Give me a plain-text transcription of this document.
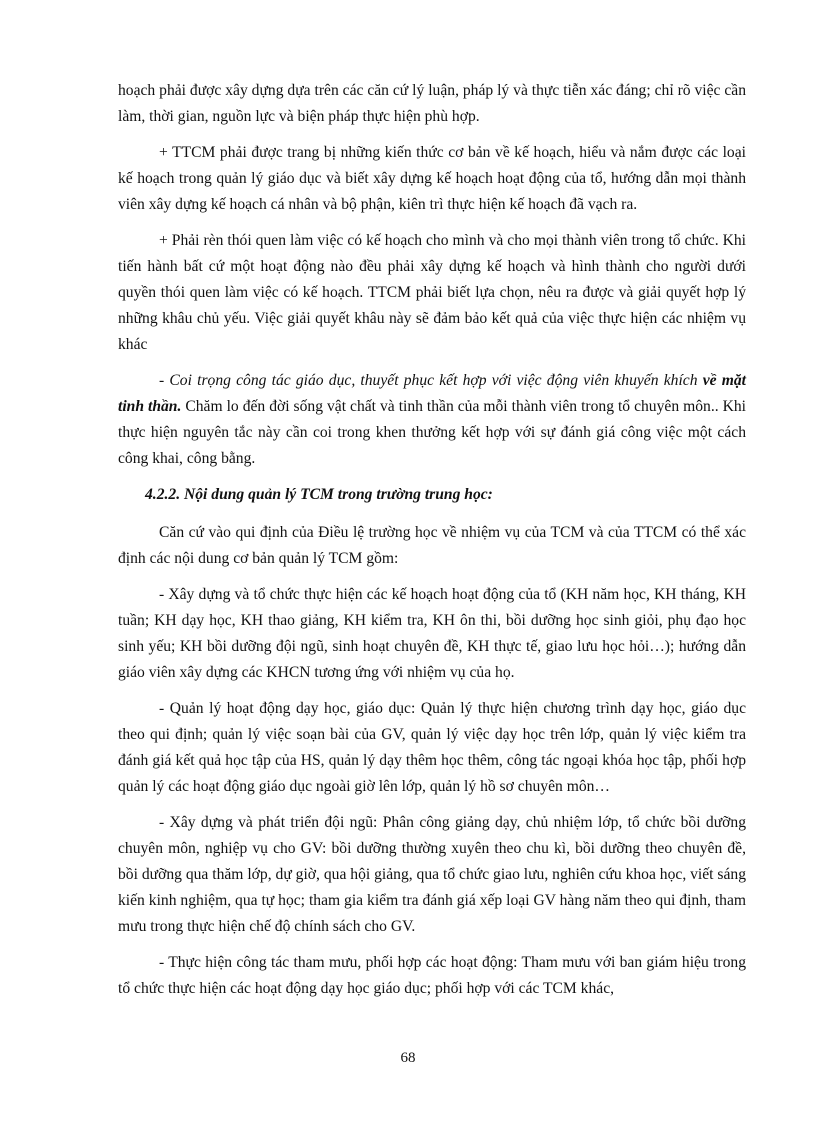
hoạch phải được xây dựng dựa trên các căn cứ lý luận, pháp lý và thực tiễn xác đáng; chỉ rõ việc cần làm, thời gian, nguồn lực và biện pháp thực hiện phù hợp.

+ TTCM phải được trang bị những kiến thức cơ bản về kế hoạch, hiểu và nắm được các loại kế hoạch trong quản lý giáo dục và biết xây dựng kế hoạch hoạt động của tổ, hướng dẫn mọi thành viên xây dựng kế hoạch cá nhân và bộ phận, kiên trì thực hiện kế hoạch đã vạch ra.

+ Phải rèn thói quen làm việc có kế hoạch cho mình và cho mọi thành viên trong tổ chức. Khi tiến hành bất cứ một hoạt động nào đều phải xây dựng kế hoạch và hình thành cho người dưới quyền thói quen làm việc có kế hoạch. TTCM phải biết lựa chọn, nêu ra được và giải quyết hợp lý những khâu chủ yếu. Việc giải quyết khâu này sẽ đảm bảo kết quả của việc thực hiện các nhiệm vụ khác

- Coi trọng công tác giáo dục, thuyết phục kết hợp với việc động viên khuyến khích về mặt tinh thần. Chăm lo đến đời sống vật chất và tinh thần của mỗi thành viên trong tổ chuyên môn.. Khi thực hiện nguyên tắc này cần coi trong khen thưởng kết hợp với sự đánh giá công việc một cách công khai, công bằng.

4.2.2. Nội dung quản lý TCM trong trường trung học:

Căn cứ vào qui định của Điều lệ trường học về nhiệm vụ của TCM và của TTCM có thể xác định các nội dung cơ bản quản lý TCM gồm:

- Xây dựng và tổ chức thực hiện các kế hoạch hoạt động của tổ (KH năm học, KH tháng, KH tuần; KH dạy học, KH thao giảng, KH kiểm tra, KH ôn thi, bồi dưỡng học sinh giỏi, phụ đạo học sinh yếu; KH bồi dưỡng đội ngũ, sinh hoạt chuyên đề, KH thực tế, giao lưu học hỏi…); hướng dẫn giáo viên xây dựng các KHCN tương ứng với nhiệm vụ của họ.

- Quản lý hoạt động dạy học, giáo dục: Quản lý thực hiện chương trình dạy học, giáo dục theo qui định; quản lý việc soạn bài của GV, quản lý việc dạy học trên lớp, quản lý việc kiểm tra đánh giá kết quả học tập của HS, quản lý dạy thêm học thêm, công tác ngoại khóa học tập, phối hợp quản lý các hoạt động giáo dục ngoài giờ lên lớp, quản lý hồ sơ chuyên môn…

- Xây dựng và phát triển đội ngũ: Phân công giảng dạy, chủ nhiệm lớp, tổ chức bồi dưỡng chuyên môn, nghiệp vụ cho GV: bồi dưỡng thường xuyên theo chu kì, bồi dưỡng theo chuyên đề, bồi dưỡng qua thăm lớp, dự giờ, qua hội giảng, qua tổ chức giao lưu, nghiên cứu khoa học, viết sáng kiến kinh nghiệm, qua tự học; tham gia kiểm tra đánh giá xếp loại GV hàng năm theo qui định, tham mưu trong thực hiện chế độ chính sách cho GV.

- Thực hiện công tác tham mưu, phối hợp các hoạt động: Tham mưu với ban giám hiệu trong tổ chức thực hiện các hoạt động dạy học giáo dục; phối hợp với các TCM khác,

68
